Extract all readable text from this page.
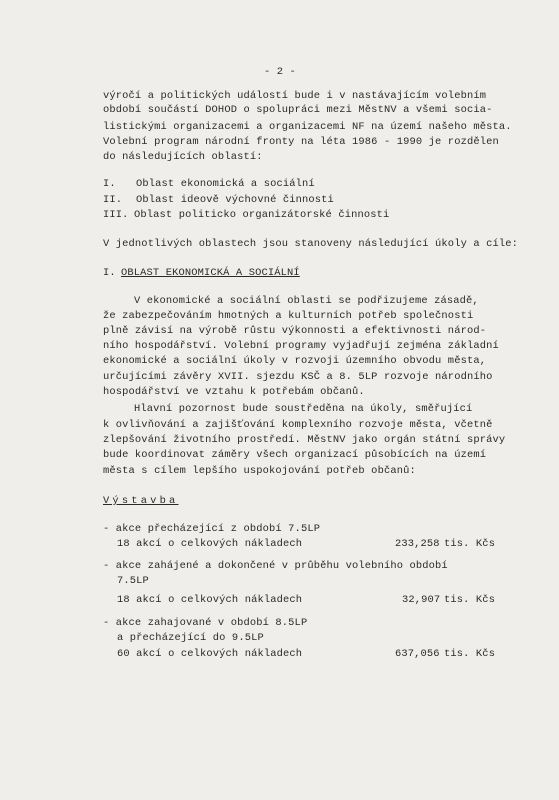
- 2 -
výročí a politických událostí bude i v nastávajícím volebním
období součástí DOHOD o spolupráci mezi MěstNV a všemi socia-
listickými organizacemi a organizacemi NF na území našeho města.
Volební program národní fronty na léta 1986 - 1990 je rozdělen
do následujících oblastí:
I. Oblast ekonomická a sociální
II. Oblast ideově výchovné činnosti
III. Oblast politicko organizátorské činnosti
V jednotlivých oblastech jsou stanoveny následující úkoly a cíle:
I. OBLAST EKONOMICKÁ A SOCIÁLNÍ
V ekonomické a sociální oblasti se podřizujeme zásadě,
že zabezpečováním hmotných a kulturních potřeb společnosti
plně závisí na výrobě růstu výkonnosti a efektivnosti národ-
ního hospodářství. Volební programy vyjadřují zejména základní
ekonomické a sociální úkoly v rozvoji územního obvodu města,
určujícími závěry XVII. sjezdu KSČ a 8. 5LP rozvoje národního
hospodářství ve vztahu k potřebám občanů.
Hlavní pozornost bude soustředěna na úkoly, směřující
k ovlivňování a zajišťování komplexního rozvoje města, včetně
zlepšování životního prostředí. MěstNV jako orgán státní správy
bude koordinovat záměry všech organizací působících na území
města s cílem lepšího uspokojování potřeb občanů:
Výstavba
- akce přecházející z období 7.5LP
18 akcí o celkových nákladech	233,258 tis. Kčs
- akce zahájené a dokončené v průběhu volebního období
7.5LP
18 akcí o celkových nákladech	32,907 tis. Kčs
- akce zahajované v období 8.5LP
a přecházející do 9.5LP
60 akcí o celkových nákladech	637,056 tis. Kčs
